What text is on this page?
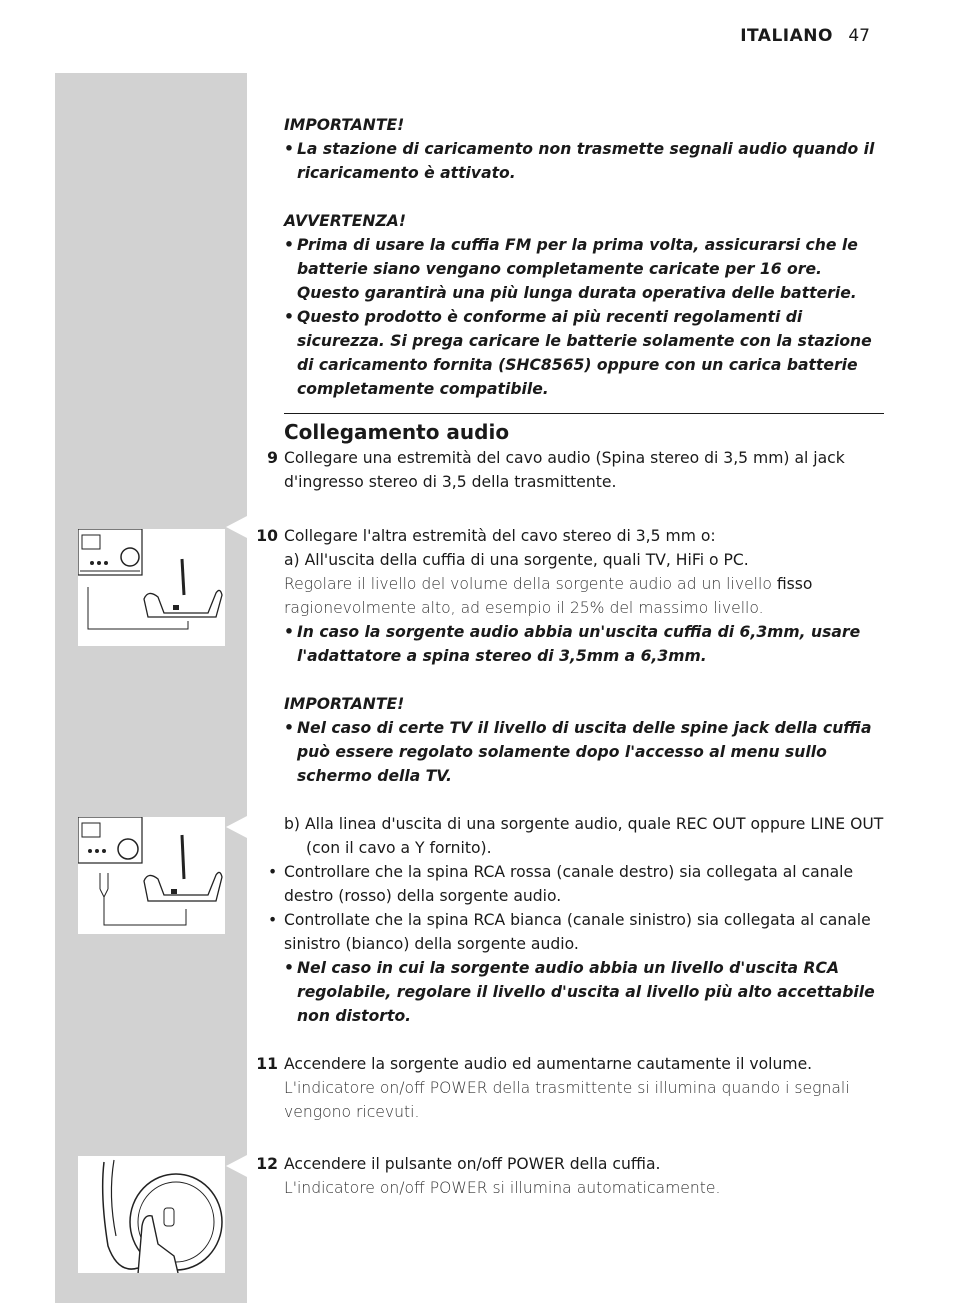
ITALIANO 47
IMPORTANTE!
• La stazione di caricamento non trasmette segnali audio quando il ricaricamento è attivato.
AVVERTENZA!
• Prima di usare la cuffia FM per la prima volta, assicurarsi che le batterie siano vengano completamente caricate per 16 ore. Questo garantirà una più lunga durata operativa delle batterie.
• Questo prodotto è conforme ai più recenti regolamenti di sicurezza. Si prega caricare le batterie solamente con la stazione di caricamento fornita (SHC8565) oppure con un carica batterie completamente compatibile.
Collegamento audio
9 Collegare una estremità del cavo audio (Spina stereo di 3,5 mm) al jack d'ingresso stereo di 3,5 della trasmittente.
10 Collegare l'altra estremità del cavo stereo di 3,5 mm o:
a) All'uscita della cuffia di una sorgente, quali TV, HiFi o PC.
Regolare il livello del volume della sorgente audio ad un livello fisso ragionevolmente alto, ad esempio il 25% del massimo livello.
• In caso la sorgente audio abbia un'uscita cuffia di 6,3mm, usare l'adattatore a spina stereo di 3,5mm a 6,3mm.
IMPORTANTE!
• Nel caso di certe TV il livello di uscita delle spine jack della cuffia può essere regolato solamente dopo l'accesso al menu sullo schermo della TV.
b) Alla linea d'uscita di una sorgente audio, quale REC OUT oppure LINE OUT (con il cavo a Y fornito).
• Controllare che la spina RCA rossa (canale destro) sia collegata al canale destro (rosso) della sorgente audio.
• Controllate che la spina RCA bianca (canale sinistro) sia collegata al canale sinistro (bianco) della sorgente audio.
• Nel caso in cui la sorgente audio abbia un livello d'uscita RCA regolabile, regolare il livello d'uscita al livello più alto accettabile non distorto.
11 Accendere la sorgente audio ed aumentarne cautamente il volume.
L'indicatore on/off POWER della trasmittente si illumina quando i segnali vengono ricevuti.
12 Accendere il pulsante on/off POWER della cuffia.
L'indicatore on/off POWER si illumina automaticamente.
